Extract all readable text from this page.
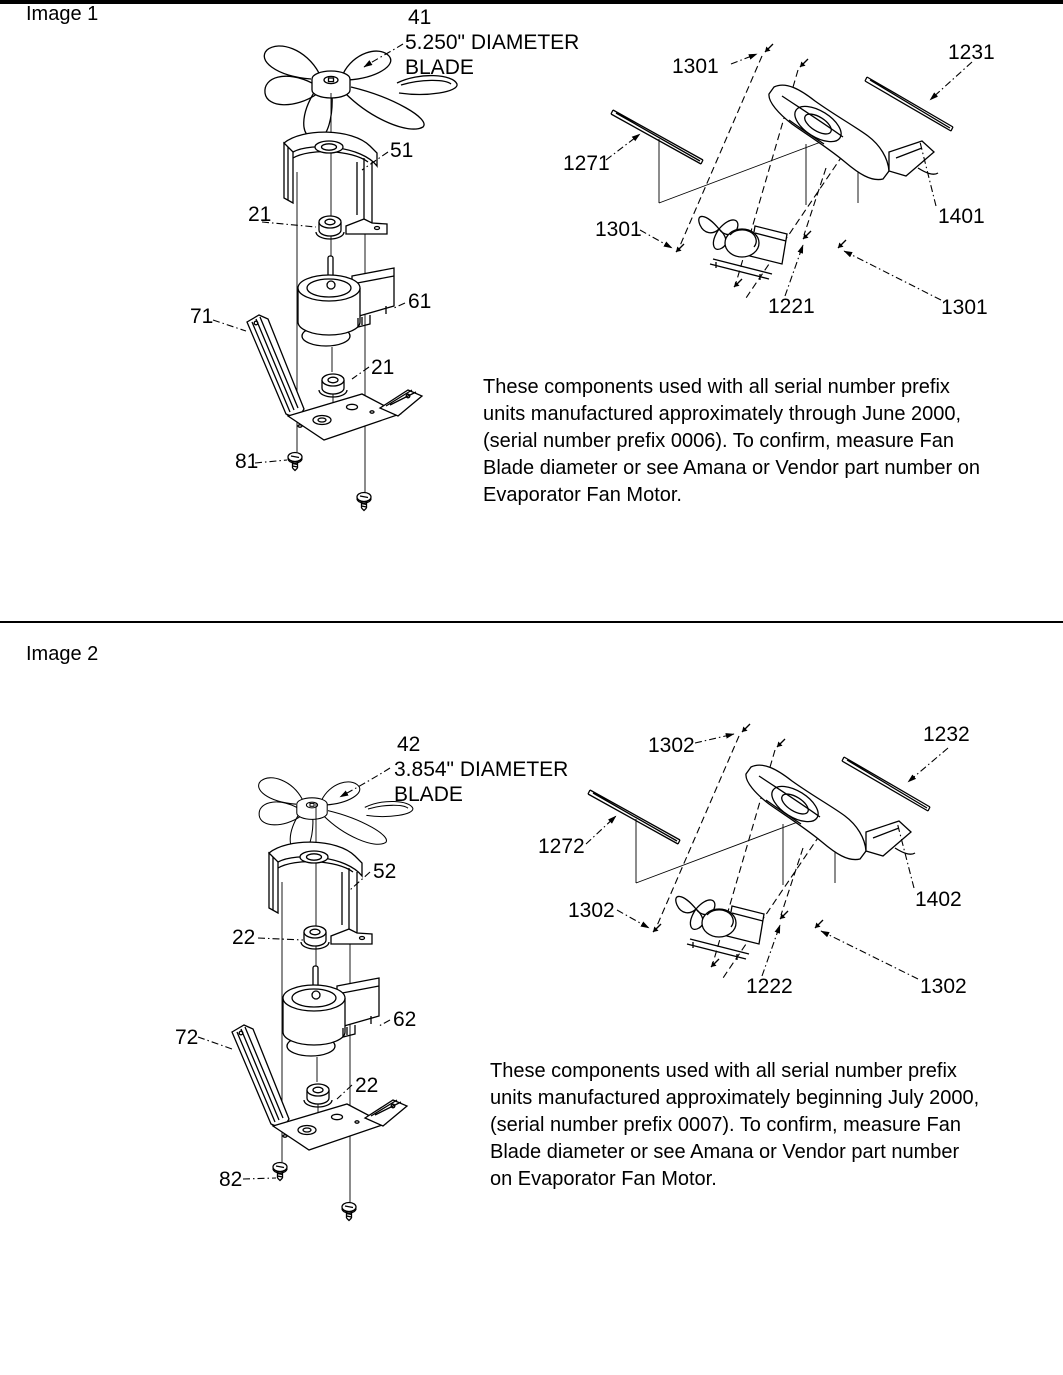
Image 1	41
5.250" DIAMETER
BLADE
51
21
61
71
21
81
1301
1231
1271
1301
1401
1221	1301
These components used with all serial number prefix
units manufactured approximately through June 2000,
(serial number prefix 0006). To confirm, measure Fan
Blade diameter or see Amana or Vendor part number on
Evaporator Fan Motor.
Image 2
42
3.854" DIAMETER
BLADE
52
22
62
72
22
82
1302	1232
1272
1302	1402
1222	1302
These components used with all serial number prefix
units manufactured approximately beginning July 2000,
(serial number prefix 0007). To confirm, measure Fan
Blade diameter or see Amana or Vendor part number
on Evaporator Fan Motor.
